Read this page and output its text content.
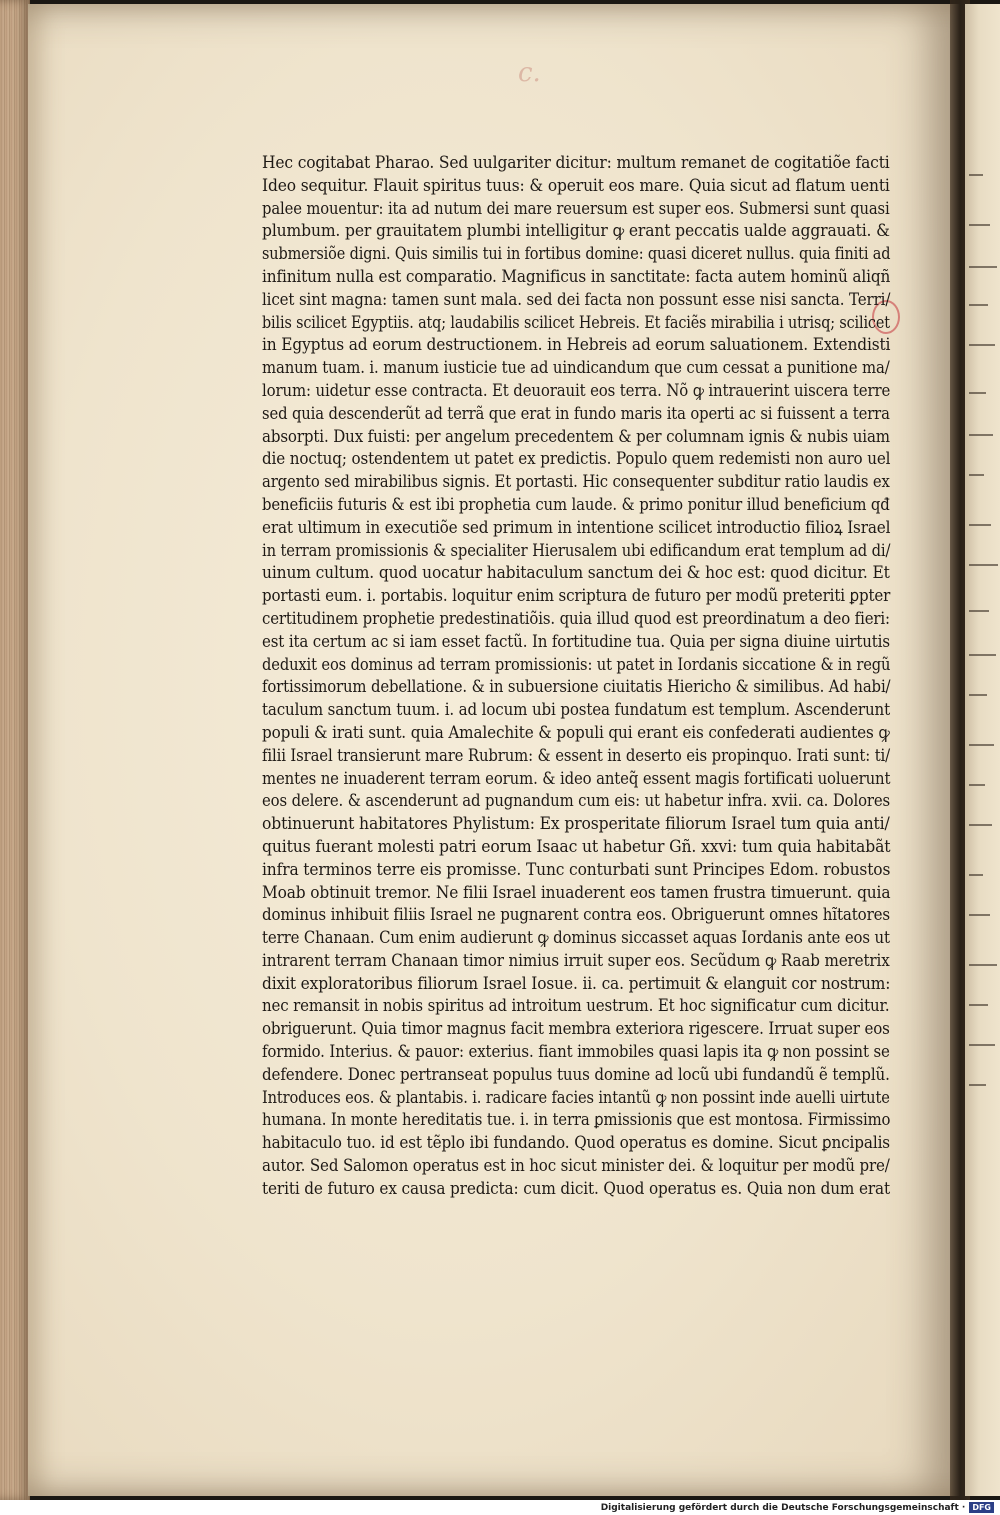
c.
Hec cogitabat Pharao. Sed uulgariter dicitur: multum remanet de cogitatiõe facti
Ideo sequitur. Flauit spiritus tuus: & operuit eos mare. Quia sicut ad flatum uenti
palee mouentur: ita ad nutum dei mare reuersum est super eos. Submersi sunt quasi
plumbum. per grauitatem plumbi intelligitur ꝙ erant peccatis ualde aggrauati. &
submersiõe digni. Quis similis tui in fortibus domine: quasi diceret nullus. quia finiti ad
infinitum nulla est comparatio. Magnificus in sanctitate: facta autem hominũ aliqñ
licet sint magna: tamen sunt mala. sed dei facta non possunt esse nisi sancta. Terri/
bilis scilicet Egyptiis. atq; laudabilis scilicet Hebreis. Et faciẽs mirabilia i utrisq; scilicet
in Egyptus ad eorum destructionem. in Hebreis ad eorum saluationem. Extendisti
manum tuam. i. manum iusticie tue ad uindicandum que cum cessat a punitione ma/
lorum: uidetur esse contracta. Et deuorauit eos terra. Nõ ꝙ intrauerint uiscera terre
sed quia descenderũt ad terrã que erat in fundo maris ita operti ac si fuissent a terra
absorpti. Dux fuisti: per angelum precedentem & per columnam ignis & nubis uiam
die noctuq; ostendentem ut patet ex predictis. Populo quem redemisti non auro uel
argento sed mirabilibus signis. Et portasti. Hic consequenter subditur ratio laudis ex
beneficiis futuris & est ibi prophetia cum laude. & primo ponitur illud beneficium qđ
erat ultimum in executiõe sed primum in intentione scilicet introductio filioꝝ Israel
in terram promissionis & specialiter Hierusalem ubi edificandum erat templum ad di/
uinum cultum. quod uocatur habitaculum sanctum dei & hoc est: quod dicitur. Et
portasti eum. i. portabis. loquitur enim scriptura de futuro per modũ preteriti ꝑpter
certitudinem prophetie predestinatiõis. quia illud quod est preordinatum a deo fieri:
est ita certum ac si iam esset factũ. In fortitudine tua. Quia per signa diuine uirtutis
deduxit eos dominus ad terram promissionis: ut patet in Iordanis siccatione & in regũ
fortissimorum debellatione. & in subuersione ciuitatis Hiericho & similibus. Ad habi/
taculum sanctum tuum. i. ad locum ubi postea fundatum est templum. Ascenderunt
populi & irati sunt. quia Amalechite & populi qui erant eis confederati audientes ꝙ
filii Israel transierunt mare Rubrum: & essent in deserto eis propinquo. Irati sunt: ti/
mentes ne inuaderent terram eorum. & ideo anteq̃ essent magis fortificati uoluerunt
eos delere. & ascenderunt ad pugnandum cum eis: ut habetur infra. xvii. ca. Dolores
obtinuerunt habitatores Phylistum: Ex prosperitate filiorum Israel tum quia anti/
quitus fuerant molesti patri eorum Isaac ut habetur Gñ. xxvi: tum quia habitabãt
infra terminos terre eis promisse. Tunc conturbati sunt Principes Edom. robustos
Moab obtinuit tremor. Ne filii Israel inuaderent eos tamen frustra timuerunt. quia
dominus inhibuit filiis Israel ne pugnarent contra eos. Obriguerunt omnes hĩtatores
terre Chanaan. Cum enim audierunt ꝙ dominus siccasset aquas Iordanis ante eos ut
intrarent terram Chanaan timor nimius irruit super eos. Secũdum ꝙ Raab meretrix
dixit exploratoribus filiorum Israel Iosue. ii. ca. pertimuit & elanguit cor nostrum:
nec remansit in nobis spiritus ad introitum uestrum. Et hoc significatur cum dicitur.
obriguerunt. Quia timor magnus facit membra exteriora rigescere. Irruat super eos
formido. Interius. & pauor: exterius. fiant immobiles quasi lapis ita ꝙ non possint se
defendere. Donec pertranseat populus tuus domine ad locũ ubi fundandũ ẽ templũ.
Introduces eos. & plantabis. i. radicare facies intantũ ꝙ non possint inde auelli uirtute
humana. In monte hereditatis tue. i. in terra ꝑmissionis que est montosa. Firmissimo
habitaculo tuo. id est tẽplo ibi fundando. Quod operatus es domine. Sicut ꝑncipalis
autor. Sed Salomon operatus est in hoc sicut minister dei. & loquitur per modũ pre/
teriti de futuro ex causa predicta: cum dicit. Quod operatus es. Quia non dum erat
Digitalisierung gefördert durch die Deutsche Forschungsgemeinschaft · DFG
